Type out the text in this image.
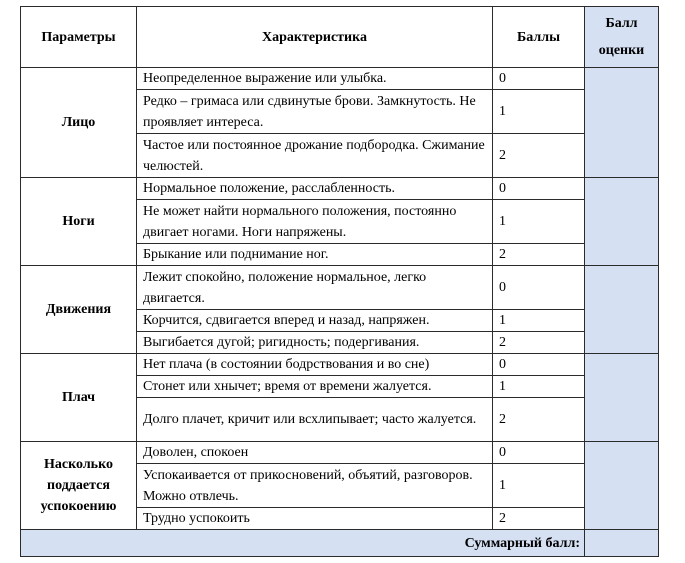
Параметры	Характеристика	Баллы	Балл оценки
Лицо	Неопределенное выражение или улыбка.	0	
	Редко – гримаса или сдвинутые брови. Замкнутость. Не проявляет интереса.	1	
	Частое или постоянное дрожание подбородка. Сжимание челюстей.	2	
Ноги	Нормальное положение, расслабленность.	0	
	Не может найти нормального положения, постоянно двигает ногами. Ноги напряжены.	1	
	Брыкание или поднимание ног.	2	
Движения	Лежит спокойно, положение нормальное, легко двигается.	0	
	Корчится, сдвигается вперед и назад, напряжен.	1	
	Выгибается дугой; ригидность; подергивания.	2	
Плач	Нет плача (в состоянии бодрствования и во сне)	0	
	Стонет или хнычет; время от времени жалуется.	1	
	Долго плачет, кричит или всхлипывает; часто жалуется.	2	
Насколько поддается успокоению	Доволен, спокоен	0	
	Успокаивается от прикосновений, объятий, разговоров. Можно отвлечь.	1	
	Трудно успокоить	2	
Суммарный балл:			
